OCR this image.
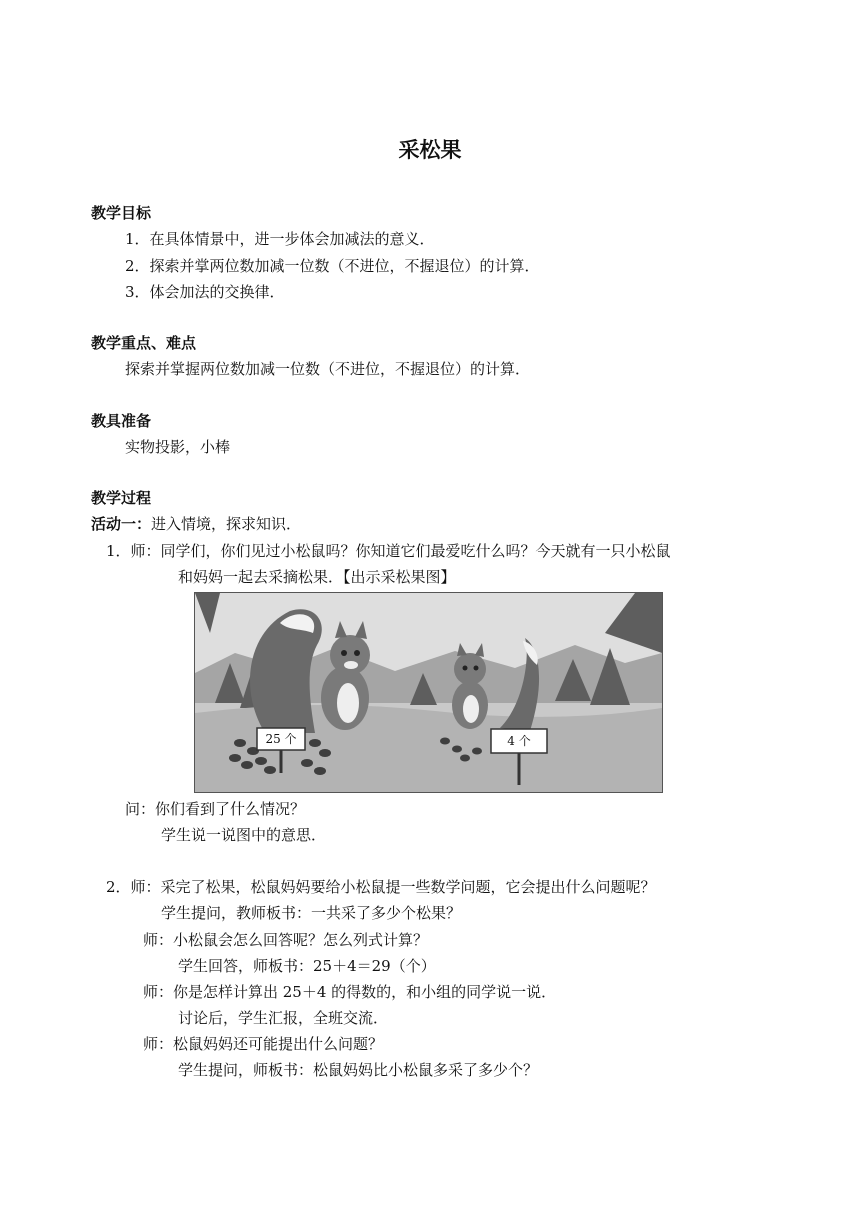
采松果
教学目标
1．在具体情景中，进一步体会加减法的意义．
2．探索并掌两位数加减一位数（不进位，不握退位）的计算．
3．体会加法的交换律．
教学重点、难点
探索并掌握两位数加减一位数（不进位，不握退位）的计算．
教具准备
实物投影，小棒
教学过程
活动一：进入情境，探求知识．
1．师：同学们，你们见过小松鼠吗？你知道它们最爱吃什么吗？今天就有一只小松鼠
和妈妈一起去采摘松果．【出示采松果图】
25 个	4 个
问：你们看到了什么情况？
学生说一说图中的意思．
2．师：采完了松果，松鼠妈妈要给小松鼠提一些数学问题，它会提出什么问题呢？
学生提问，教师板书：一共采了多少个松果？
师：小松鼠会怎么回答呢？怎么列式计算？
学生回答，师板书：25＋4＝29（个）
师：你是怎样计算出 25＋4 的得数的，和小组的同学说一说．
讨论后，学生汇报，全班交流．
师：松鼠妈妈还可能提出什么问题？
学生提问，师板书：松鼠妈妈比小松鼠多采了多少个？
